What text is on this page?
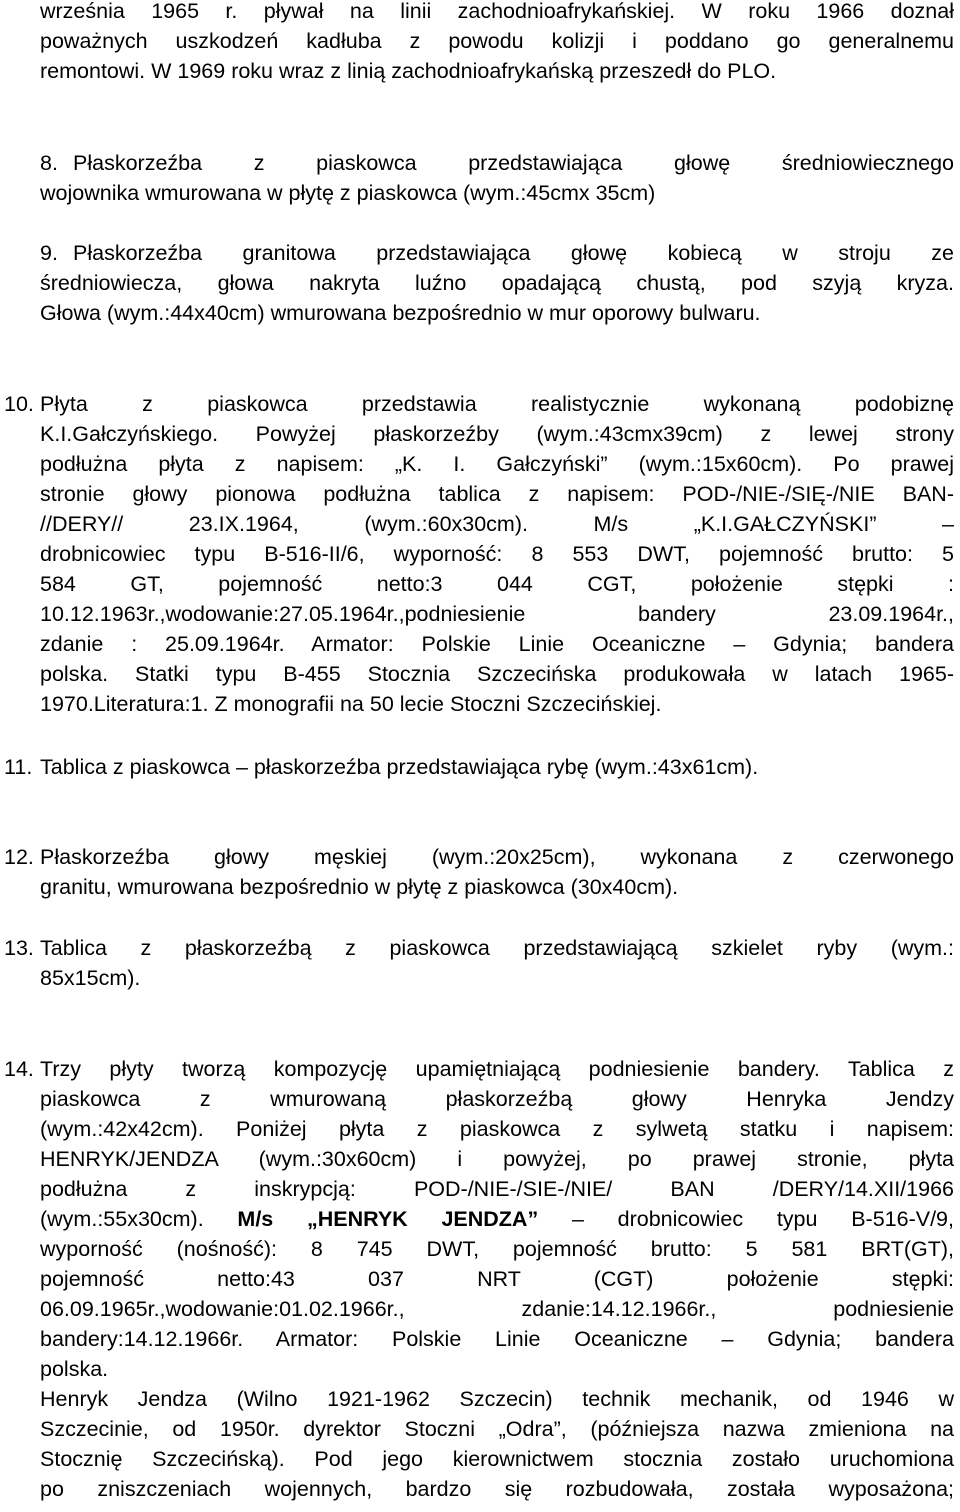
września 1965 r. pływał na linii zachodnioafrykańskiej. W roku 1966 doznał
poważnych uszkodzeń kadłuba z powodu kolizji i poddano go generalnemu
remontowi. W 1969 roku wraz z linią zachodnioafrykańską przeszedł do PLO.
8. Płaskorzeźba z piaskowca przedstawiająca głowę średniowiecznego
wojownika wmurowana w płytę z piaskowca (wym.:45cmx 35cm)
9. Płaskorzeźba granitowa przedstawiająca głowę kobiecą w stroju ze
średniowiecza, głowa nakryta luźno opadającą chustą, pod szyją kryza.
Głowa (wym.:44x40cm) wmurowana bezpośrednio w mur oporowy bulwaru.
10. Płyta z piaskowca przedstawia realistycznie wykonaną podobiznę
K.I.Gałczyńskiego. Powyżej płaskorzeźby (wym.:43cmx39cm) z lewej strony
podłużna płyta z napisem: „K. I. Gałczyński” (wym.:15x60cm). Po prawej
stronie głowy pionowa podłużna tablica z napisem: POD-/NIE-/SIĘ-/NIE BAN-
//DERY// 23.IX.1964, (wym.:60x30cm). M/s „K.I.GAŁCZYŃSKI” –
drobnicowiec typu B-516-II/6, wyporność: 8 553 DWT, pojemność brutto: 5
584 GT, pojemność netto:3 044 CGT, położenie stępki :
10.12.1963r.,wodowanie:27.05.1964r.,podniesienie bandery 23.09.1964r.,
zdanie : 25.09.1964r. Armator: Polskie Linie Oceaniczne – Gdynia; bandera
polska. Statki typu B-455 Stocznia Szczecińska produkowała w latach 1965-
1970.Literatura:1. Z monografii na 50 lecie Stoczni Szczecińskiej.
11. Tablica z piaskowca – płaskorzeźba przedstawiająca rybę (wym.:43x61cm).
12. Płaskorzeźba głowy męskiej (wym.:20x25cm), wykonana z czerwonego
granitu, wmurowana bezpośrednio w płytę z piaskowca (30x40cm).
13. Tablica z płaskorzeźbą z piaskowca przedstawiającą szkielet ryby (wym.:
85x15cm).
14. Trzy płyty tworzą kompozycję upamiętniającą podniesienie bandery. Tablica z
piaskowca z wmurowaną płaskorzeźbą głowy Henryka Jendzy
(wym.:42x42cm). Poniżej płyta z piaskowca z sylwetą statku i napisem:
HENRYK/JENDZA (wym.:30x60cm) i powyżej, po prawej stronie, płyta
podłużna z inskrypcją: POD-/NIE-/SIE-/NIE/ BAN /DERY/14.XII/1966
(wym.:55x30cm). M/s „HENRYK JENDZA” – drobnicowiec typu B-516-V/9,
wyporność (nośność): 8 745 DWT, pojemność brutto: 5 581 BRT(GT),
pojemność netto:43 037 NRT (CGT) położenie stępki:
06.09.1965r.,wodowanie:01.02.1966r., zdanie:14.12.1966r., podniesienie
bandery:14.12.1966r. Armator: Polskie Linie Oceaniczne – Gdynia; bandera
polska.
Henryk Jendza (Wilno 1921-1962 Szczecin) technik mechanik, od 1946 w
Szczecinie, od 1950r. dyrektor Stoczni „Odra”, (późniejsza nazwa zmieniona na
Stocznię Szczecińską). Pod jego kierownictwem stocznia zostało uruchomiona
po zniszczeniach wojennych, bardzo się rozbudowała, została wyposażona;
